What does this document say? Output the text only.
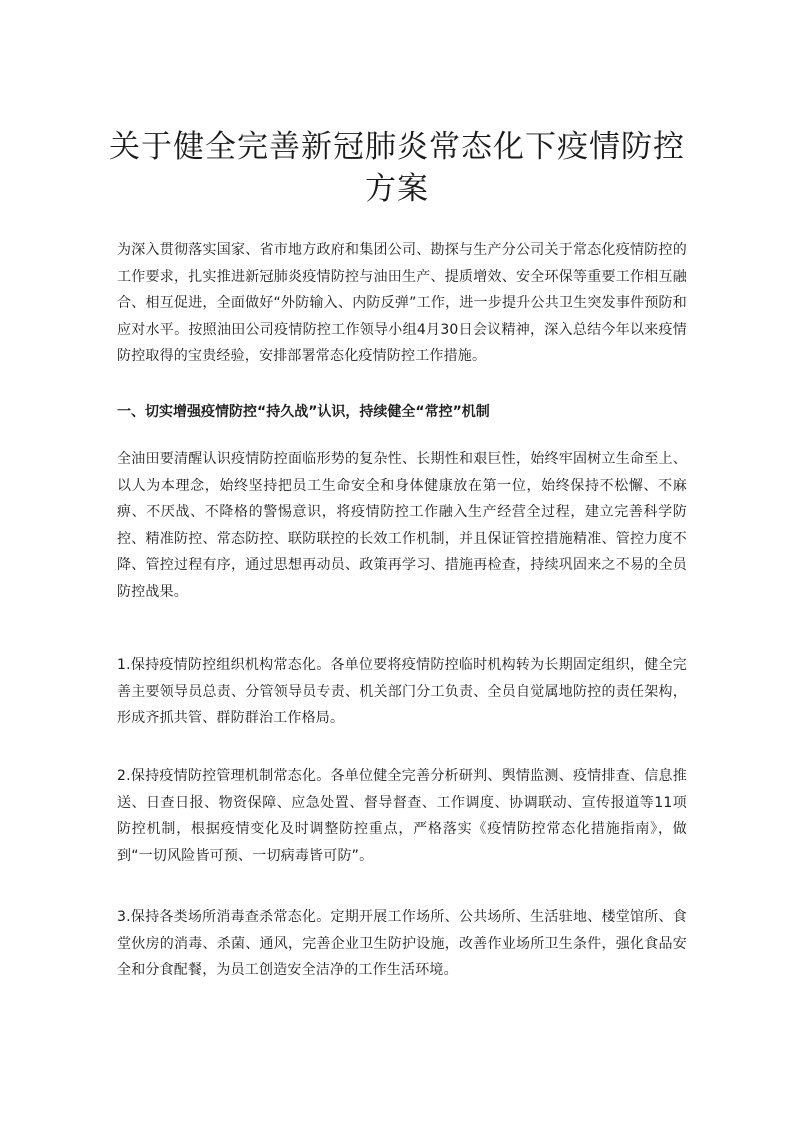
关于健全完善新冠肺炎常态化下疫情防控
方案

为深入贯彻落实国家、省市地方政府和集团公司、勘探与生产分公司关于常态化疫情防控的工作要求，扎实推进新冠肺炎疫情防控与油田生产、提质增效、安全环保等重要工作相互融合、相互促进，全面做好“外防输入、内防反弹”工作，进一步提升公共卫生突发事件预防和应对水平。按照油田公司疫情防控工作领导小组4月30日会议精神，深入总结今年以来疫情防控取得的宝贵经验，安排部署常态化疫情防控工作措施。

一、切实增强疫情防控“持久战”认识，持续健全“常控”机制

全油田要清醒认识疫情防控面临形势的复杂性、长期性和艰巨性，始终牢固树立生命至上、以人为本理念，始终坚持把员工生命安全和身体健康放在第一位，始终保持不松懈、不麻痹、不厌战、不降格的警惕意识，将疫情防控工作融入生产经营全过程，建立完善科学防控、精准防控、常态防控、联防联控的长效工作机制，并且保证管控措施精准、管控力度不降、管控过程有序，通过思想再动员、政策再学习、措施再检查，持续巩固来之不易的全员防控战果。

1.保持疫情防控组织机构常态化。各单位要将疫情防控临时机构转为长期固定组织，健全完善主要领导员总责、分管领导员专责、机关部门分工负责、全员自觉属地防控的责任架构，形成齐抓共管、群防群治工作格局。

2.保持疫情防控管理机制常态化。各单位健全完善分析研判、舆情监测、疫情排查、信息推送、日查日报、物资保障、应急处置、督导督查、工作调度、协调联动、宣传报道等11项防控机制，根据疫情变化及时调整防控重点，严格落实《疫情防控常态化措施指南》，做到“一切风险皆可预、一切病毒皆可防”。

3.保持各类场所消毒查杀常态化。定期开展工作场所、公共场所、生活驻地、楼堂馆所、食堂伙房的消毒、杀菌、通风，完善企业卫生防护设施，改善作业场所卫生条件，强化食品安全和分食配餐，为员工创造安全洁净的工作生活环境。
